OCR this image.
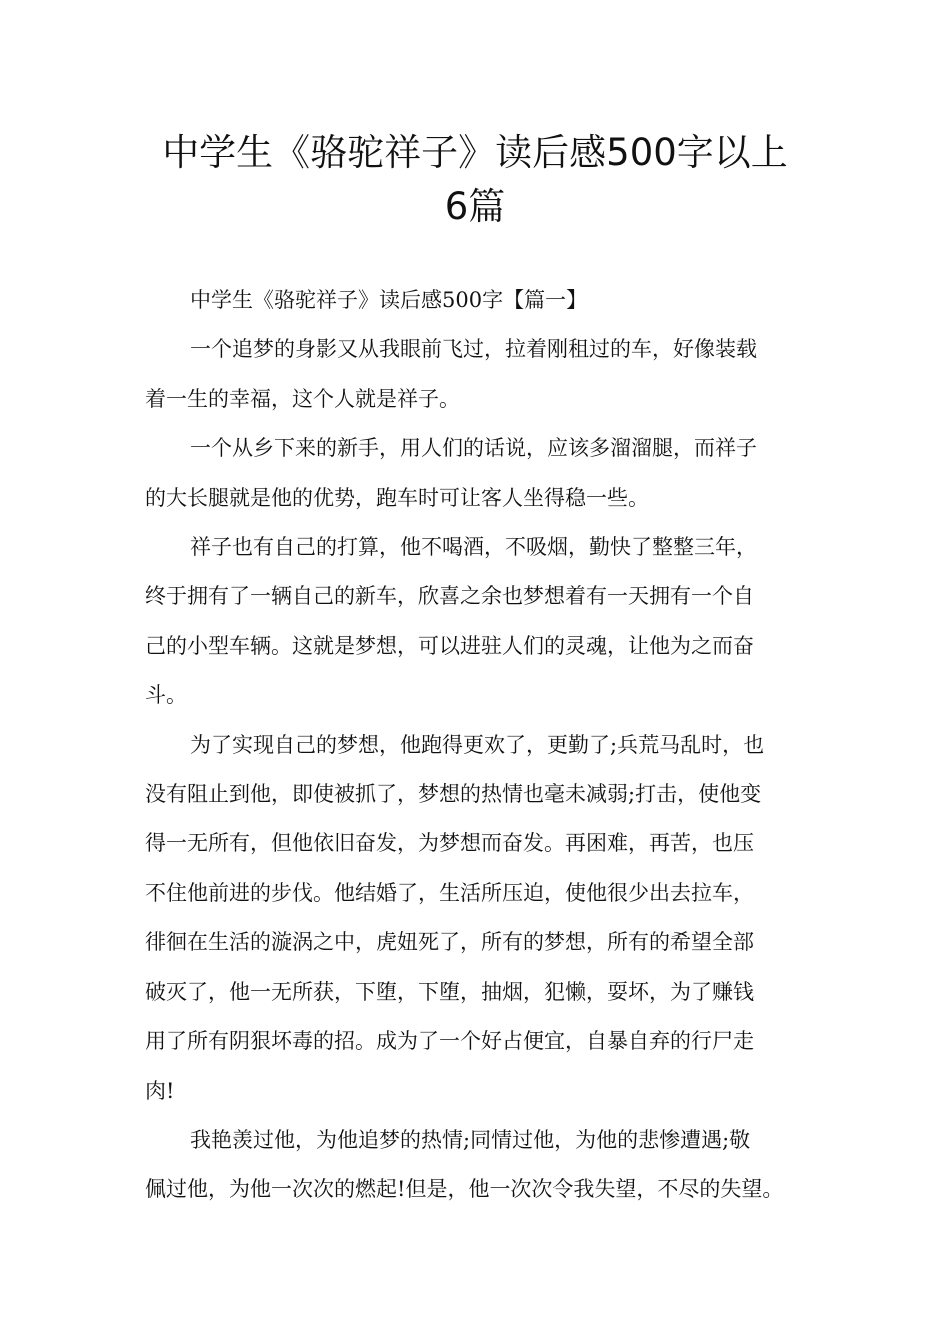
中学生《骆驼祥子》读后感500字以上
6篇
中学生《骆驼祥子》读后感500字【篇一】
一个追梦的身影又从我眼前飞过，拉着刚租过的车，好像装载
着一生的幸福，这个人就是祥子。
一个从乡下来的新手，用人们的话说，应该多溜溜腿，而祥子
的大长腿就是他的优势，跑车时可让客人坐得稳一些。
祥子也有自己的打算，他不喝酒，不吸烟，勤快了整整三年，
终于拥有了一辆自己的新车，欣喜之余也梦想着有一天拥有一个自
己的小型车辆。这就是梦想，可以进驻人们的灵魂，让他为之而奋
斗。
为了实现自己的梦想，他跑得更欢了，更勤了;兵荒马乱时，也
没有阻止到他，即使被抓了，梦想的热情也毫未减弱;打击，使他变
得一无所有，但他依旧奋发，为梦想而奋发。再困难，再苦，也压
不住他前进的步伐。他结婚了，生活所压迫，使他很少出去拉车，
徘徊在生活的漩涡之中，虎妞死了，所有的梦想，所有的希望全部
破灭了，他一无所获，下堕，下堕，抽烟，犯懒，耍坏，为了赚钱
用了所有阴狠坏毒的招。成为了一个好占便宜，自暴自弃的行尸走
肉!
我艳羡过他，为他追梦的热情;同情过他，为他的悲惨遭遇;敬
佩过他，为他一次次的燃起!但是，他一次次令我失望，不尽的失望。
